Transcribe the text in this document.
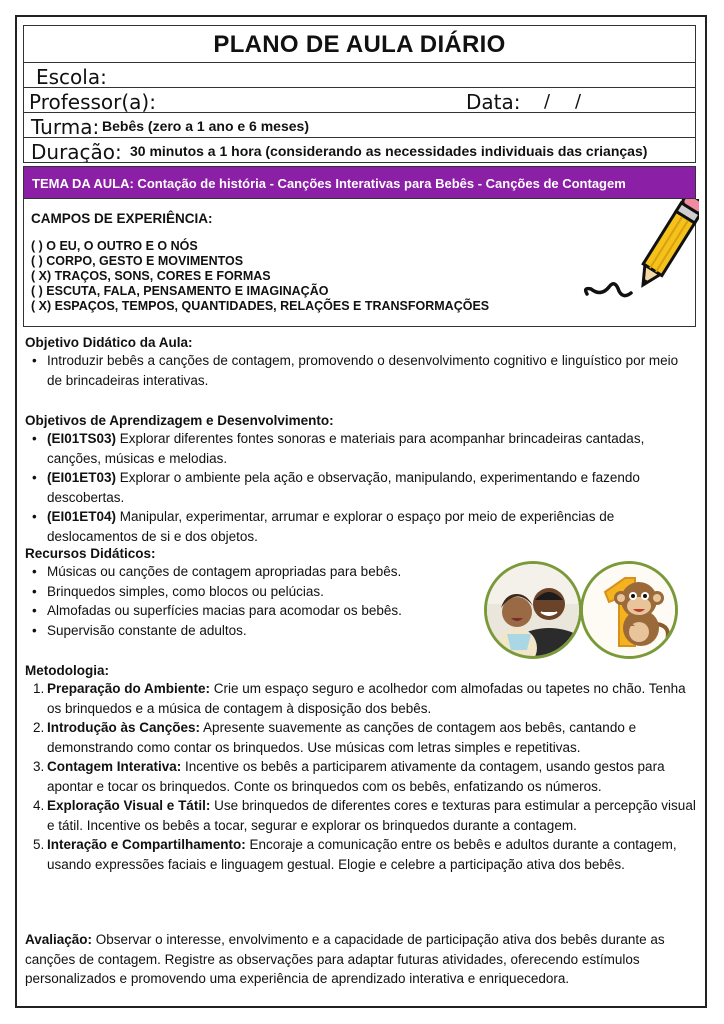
PLANO DE AULA DIÁRIO
Escola:
Professor(a):	Data: / /
Turma: Bebês (zero a 1 ano e 6 meses)
Duração: 30 minutos a 1 hora (considerando as necessidades individuais das crianças)
TEMA DA AULA: Contação de história - Canções Interativas para Bebês - Canções de Contagem
CAMPOS DE EXPERIÊNCIA:
( ) O EU, O OUTRO E O NÓS
( ) CORPO, GESTO E MOVIMENTOS
( X) TRAÇOS, SONS, CORES E FORMAS
( ) ESCUTA, FALA, PENSAMENTO E IMAGINAÇÃO
( X) ESPAÇOS, TEMPOS, QUANTIDADES, RELAÇÕES E TRANSFORMAÇÕES
Objetivo Didático da Aula:
• Introduzir bebês a canções de contagem, promovendo o desenvolvimento cognitivo e linguístico por meio de brincadeiras interativas.
Objetivos de Aprendizagem e Desenvolvimento:
• (EI01TS03) Explorar diferentes fontes sonoras e materiais para acompanhar brincadeiras cantadas, canções, músicas e melodias.
• (EI01ET03) Explorar o ambiente pela ação e observação, manipulando, experimentando e fazendo descobertas.
• (EI01ET04) Manipular, experimentar, arrumar e explorar o espaço por meio de experiências de deslocamentos de si e dos objetos.
Recursos Didáticos:
• Músicas ou canções de contagem apropriadas para bebês.
• Brinquedos simples, como blocos ou pelúcias.
• Almofadas ou superfícies macias para acomodar os bebês.
• Supervisão constante de adultos.
Metodologia:
1. Preparação do Ambiente: Crie um espaço seguro e acolhedor com almofadas ou tapetes no chão. Tenha os brinquedos e a música de contagem à disposição dos bebês.
2. Introdução às Canções: Apresente suavemente as canções de contagem aos bebês, cantando e demonstrando como contar os brinquedos. Use músicas com letras simples e repetitivas.
3. Contagem Interativa: Incentive os bebês a participarem ativamente da contagem, usando gestos para apontar e tocar os brinquedos. Conte os brinquedos com os bebês, enfatizando os números.
4. Exploração Visual e Tátil: Use brinquedos de diferentes cores e texturas para estimular a percepção visual e tátil. Incentive os bebês a tocar, segurar e explorar os brinquedos durante a contagem.
5. Interação e Compartilhamento: Encoraje a comunicação entre os bebês e adultos durante a contagem, usando expressões faciais e linguagem gestual. Elogie e celebre a participação ativa dos bebês.
Avaliação: Observar o interesse, envolvimento e a capacidade de participação ativa dos bebês durante as canções de contagem. Registre as observações para adaptar futuras atividades, oferecendo estímulos personalizados e promovendo uma experiência de aprendizado interativa e enriquecedora.
